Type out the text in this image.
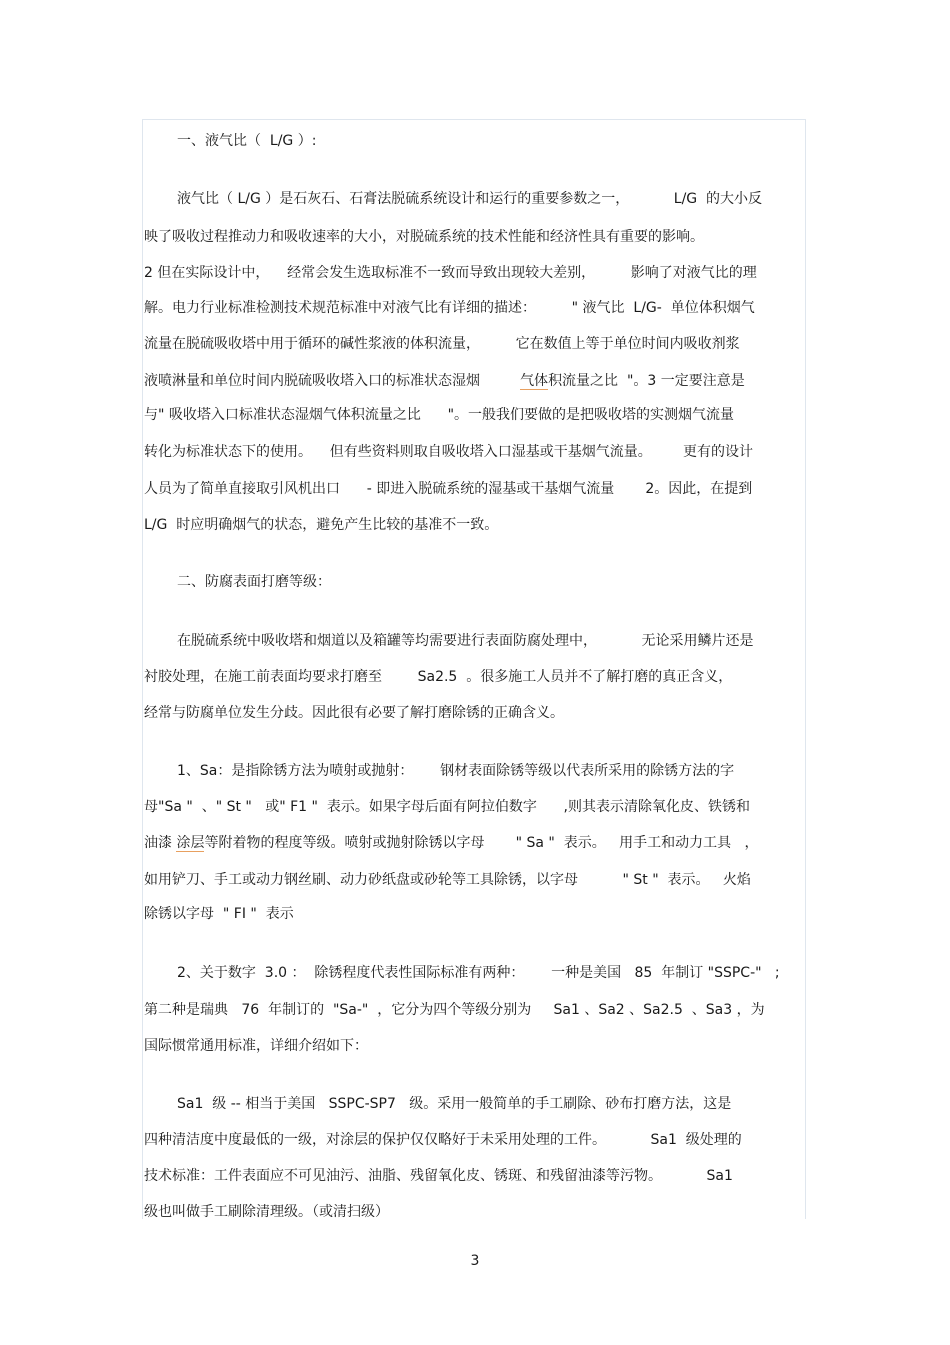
一、液气比（  L/G ）:
液气比（ L/G ）是石灰石、石膏法脱硫系统设计和运行的重要参数之一，          L/G  的大小反
映了吸收过程推动力和吸收速率的大小，对脱硫系统的技术性能和经济性具有重要的影响。
2 但在实际设计中，    经常会发生选取标准不一致而导致出现较大差别，        影响了对液气比的理
解。电力行业标准检测技术规范标准中对液气比有详细的描述：        " 液气比  L/G-  单位体积烟气
流量在脱硫吸收塔中用于循环的碱性浆液的体积流量，        它在数值上等于单位时间内吸收剂浆
液喷淋量和单位时间内脱硫吸收塔入口的标准状态湿烟         气体积流量之比  "。3 一定要注意是
与" 吸收塔入口标准状态湿烟气体积流量之比      "。一般我们要做的是把吸收塔的实测烟气流量
转化为标准状态下的使用。    但有些资料则取自吸收塔入口湿基或干基烟气流量。       更有的设计
人员为了简单直接取引风机出口      - 即进入脱硫系统的湿基或干基烟气流量       2。因此，在提到
L/G  时应明确烟气的状态，避免产生比较的基准不一致。
二、防腐表面打磨等级：
在脱硫系统中吸收塔和烟道以及箱罐等均需要进行表面防腐处理中，          无论采用鳞片还是
衬胶处理，在施工前表面均要求打磨至        Sa2.5  。很多施工人员并不了解打磨的真正含义，
经常与防腐单位发生分歧。因此很有必要了解打磨除锈的正确含义。
1、Sa：是指除锈方法为喷射或抛射：      钢材表面除锈等级以代表所采用的除锈方法的字
母"Sa "  、" St "   或" F1 "  表示。如果字母后面有阿拉伯数字      ,则其表示清除氧化皮、铁锈和
油漆 涂层等附着物的程度等级。喷射或抛射除锈以字母       " Sa "  表示。   用手工和动力工具   ，
如用铲刀、手工或动力钢丝刷、动力砂纸盘或砂轮等工具除锈，以字母          " St "  表示。   火焰
除锈以字母  " FI "  表示
2、关于数字  3.0 ：  除锈程度代表性国际标准有两种：      一种是美国   85  年制订 "SSPC-"   ;
第二种是瑞典   76  年制订的  "Sa-"  ，它分为四个等级分别为     Sa1 、Sa2 、Sa2.5  、Sa3 ，为
国际惯常通用标准，详细介绍如下：
Sa1  级 -- 相当于美国   SSPC-SP7   级。采用一般简单的手工刷除、砂布打磨方法，这是
四种清洁度中度最低的一级，对涂层的保护仅仅略好于未采用处理的工件。          Sa1  级处理的
技术标准：工件表面应不可见油污、油脂、残留氧化皮、锈斑、和残留油漆等污物。          Sa1
级也叫做手工刷除清理级。（或清扫级）
3
